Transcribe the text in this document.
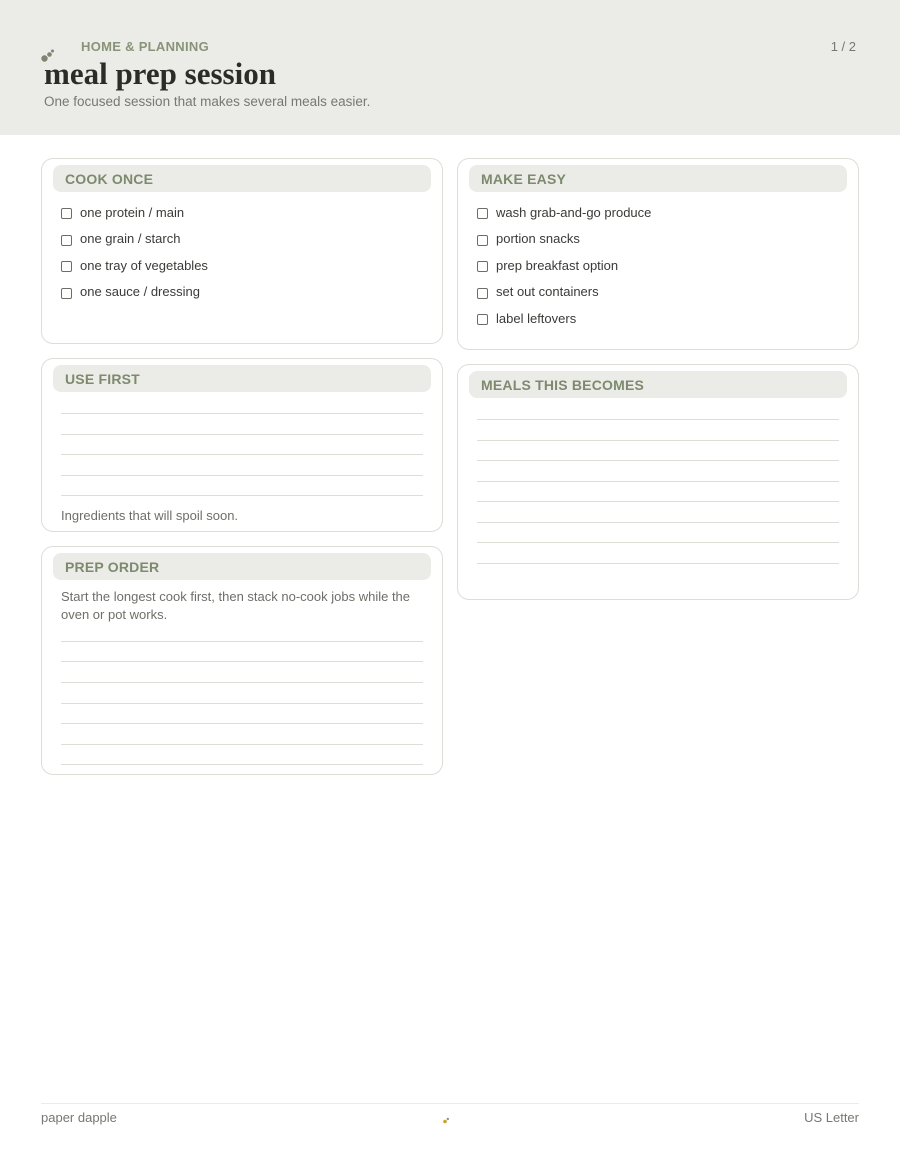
HOME & PLANNING	1 / 2
meal prep session
One focused session that makes several meals easier.
COOK ONCE
one protein / main
one grain / starch
one tray of vegetables
one sauce / dressing
MAKE EASY
wash grab-and-go produce
portion snacks
prep breakfast option
set out containers
label leftovers
USE FIRST
Ingredients that will spoil soon.
MEALS THIS BECOMES
PREP ORDER
Start the longest cook first, then stack no-cook jobs while the oven or pot works.
paper dapple	US Letter
